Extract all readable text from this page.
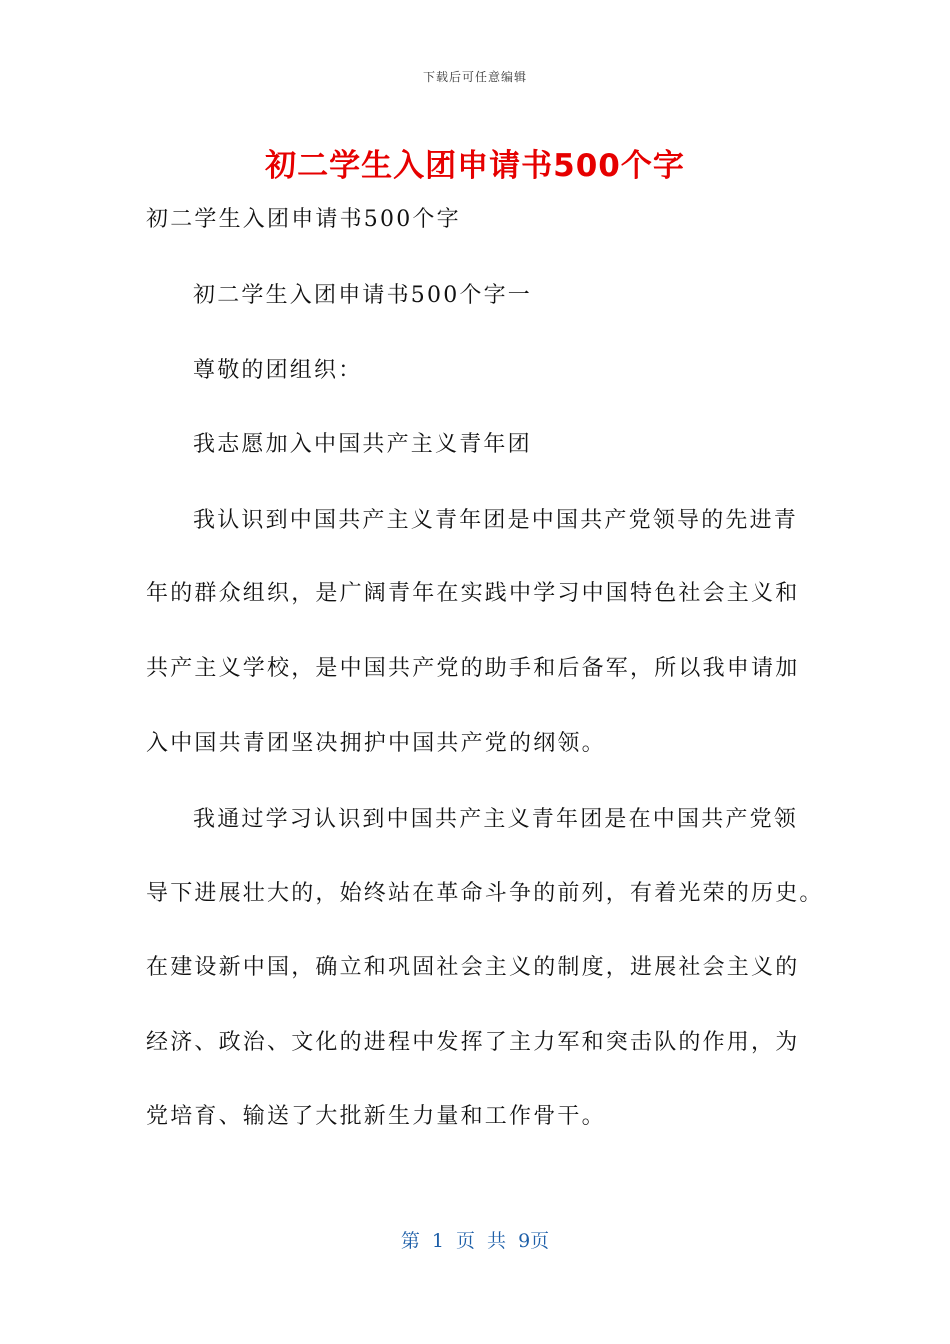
下载后可任意编辑
初二学生入团申请书500个字
初二学生入团申请书500个字
初二学生入团申请书500个字一
尊敬的团组织：
我志愿加入中国共产主义青年团
我认识到中国共产主义青年团是中国共产党领导的先进青
年的群众组织，是广阔青年在实践中学习中国特色社会主义和
共产主义学校，是中国共产党的助手和后备军，所以我申请加
入中国共青团坚决拥护中国共产党的纲领。
我通过学习认识到中国共产主义青年团是在中国共产党领
导下进展壮大的，始终站在革命斗争的前列，有着光荣的历史。
在建设新中国，确立和巩固社会主义的制度，进展社会主义的
经济、政治、文化的进程中发挥了主力军和突击队的作用，为
党培育、输送了大批新生力量和工作骨干。
第 1 页 共 9页
